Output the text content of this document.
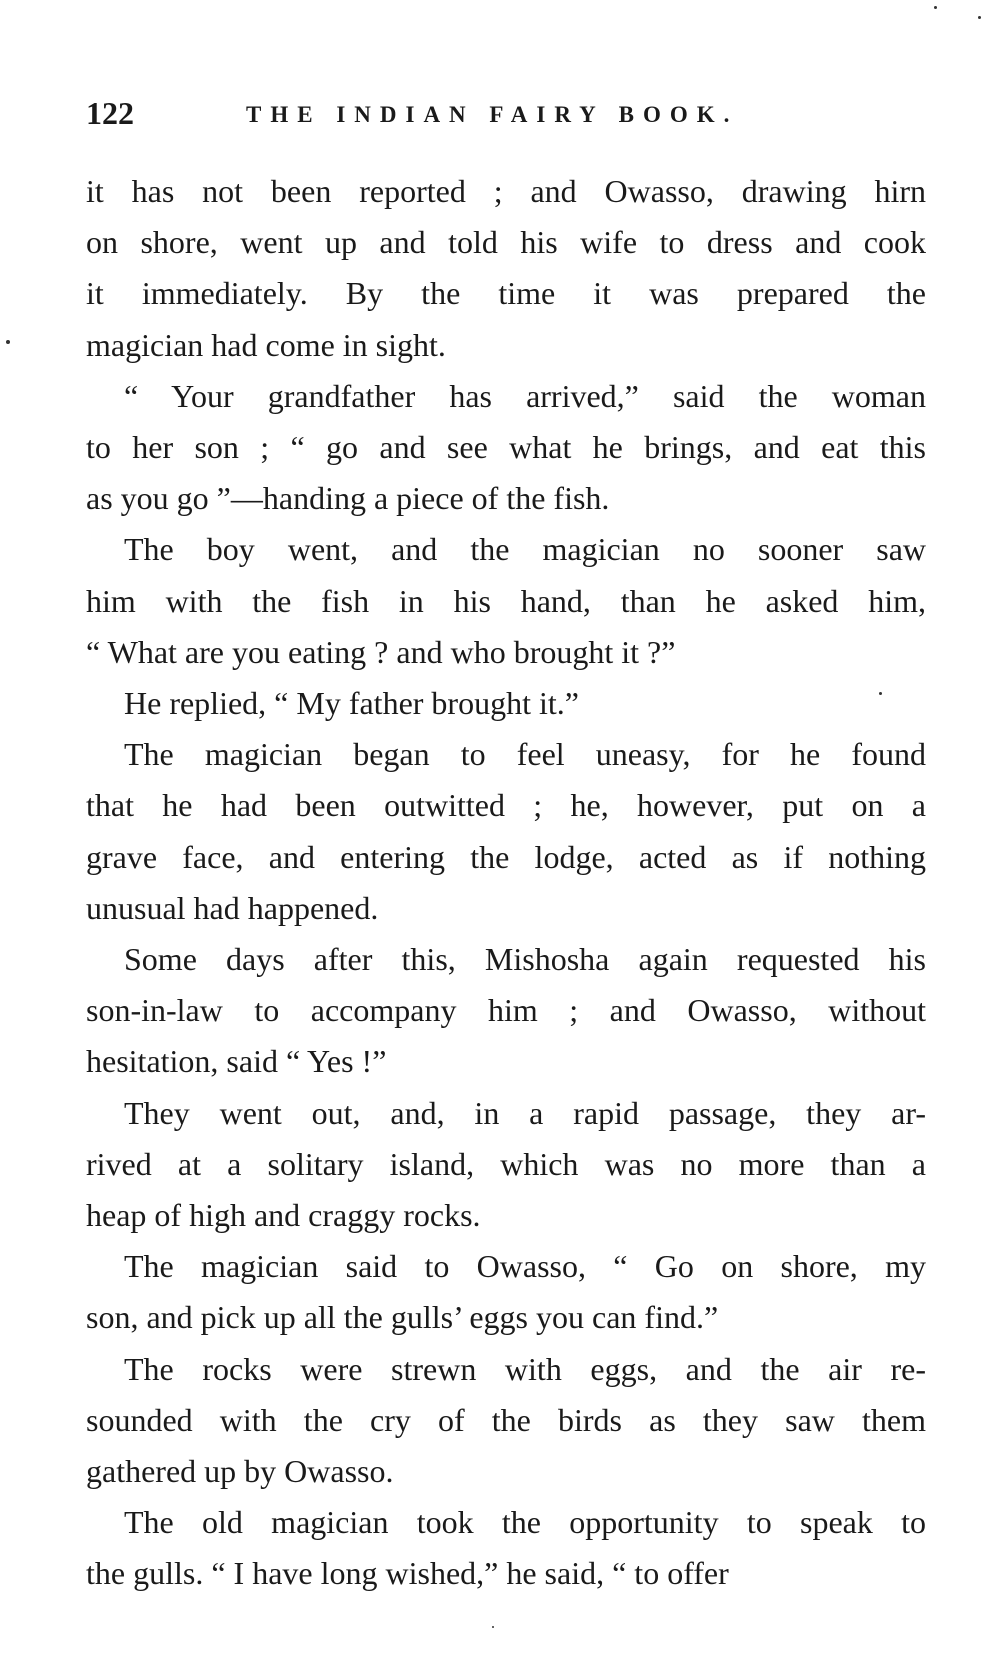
122	THE INDIAN FAIRY BOOK.

it has not been reported ; and Owasso, drawing hirn
on shore, went up and told his wife to dress and cook
it immediately. By the time it was prepared the
magician had come in sight.

“ Your grandfather has arrived,” said the woman
to her son ; “ go and see what he brings, and eat this
as you go ”—handing a piece of the fish.

The boy went, and the magician no sooner saw
him with the fish in his hand, than he asked him,
“ What are you eating ? and who brought it ?”

He replied, “ My father brought it.”

The magician began to feel uneasy, for he found
that he had been outwitted ; he, however, put on a
grave face, and entering the lodge, acted as if nothing
unusual had happened.

Some days after this, Mishosha again requested his
son-in-law to accompany him ; and Owasso, without
hesitation, said “ Yes !”

They went out, and, in a rapid passage, they ar-
rived at a solitary island, which was no more than a
heap of high and craggy rocks.

The magician said to Owasso, “ Go on shore, my
son, and pick up all the gulls’ eggs you can find.”

The rocks were strewn with eggs, and the air re-
sounded with the cry of the birds as they saw them
gathered up by Owasso.

The old magician took the opportunity to speak to
the gulls. “ I have long wished,” he said, “ to offer
